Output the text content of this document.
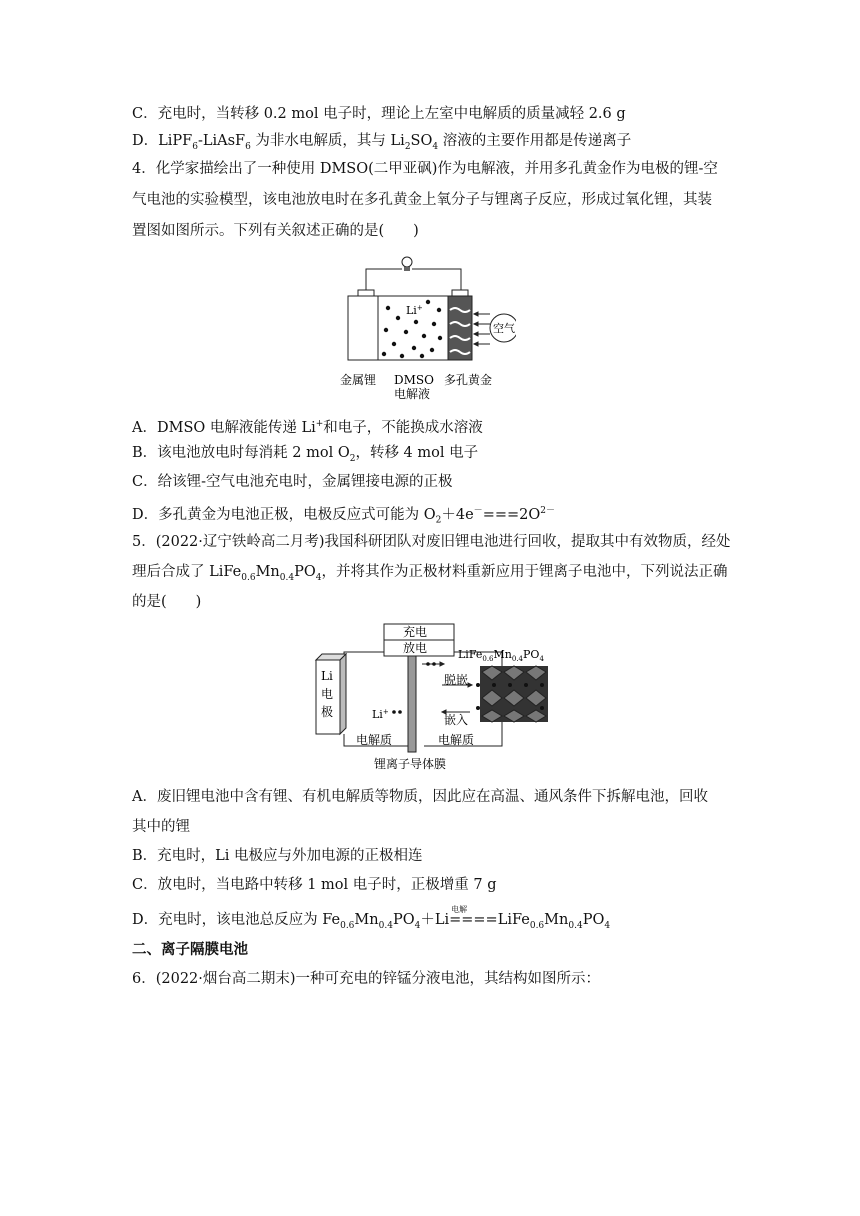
C．充电时，当转移 0.2 mol 电子时，理论上左室中电解质的质量减轻 2.6 g
D．LiPF$_6$-LiAsF$_6$ 为非水电解质，其与 $Li_2SO_4$ 溶液的主要作用都是传递离子
4．化学家描绘出了一种使用 DMSO(二甲亚砜)作为电解液，并用多孔黄金作为电极的锂-空
气电池的实验模型，该电池放电时在多孔黄金上氧分子与锂离子反应，形成过氧化锂，其装
置图如图所示。下列有关叙述正确的是(　　)
Li+
空气
金属锂 DMSO
电解液
多孔黄金
A．DMSO 电解液能传递 Li+和电子，不能换成水溶液
B．该电池放电时每消耗 2 mol $O_2$，转移 4 mol 电子
C．给该锂-空气电池充电时，金属锂接电源的正极
D．多孔黄金为电池正极，电极反应式可能为 $O_2+4e^-===2O^{2-}$
5．(2022·辽宁铁岭高二月考)我国科研团队对废旧锂电池进行回收，提取其中有效物质，经处
理后合成了 $LiFe_{0.6}Mn_{0.4}PO_4$，并将其作为正极材料重新应用于锂离子电池中，下列说法正确
的是(　　)
充电
放电
Li
电
极
$LiFe_{0.6}Mn_{0.4}PO_4$
脱嵌
嵌入
Li+
电解质	电解质
锂离子导体膜
A．废旧锂电池中含有锂、有机电解质等物质，因此应在高温、通风条件下拆解电池，回收
其中的锂
B．充电时，Li 电极应与外加电源的正极相连
C．放电时，当电路中转移 1 mol 电子时，正极增重 7 g
D．充电时，该电池总反应为 $Fe_{0.6}Mn_{0.4}PO_4+Li$
电解
$====LiFe_{0.6}Mn_{0.4}PO_4$
二、离子隔膜电池
6．(2022·烟台高二期末)一种可充电的锌锰分液电池，其结构如图所示：
